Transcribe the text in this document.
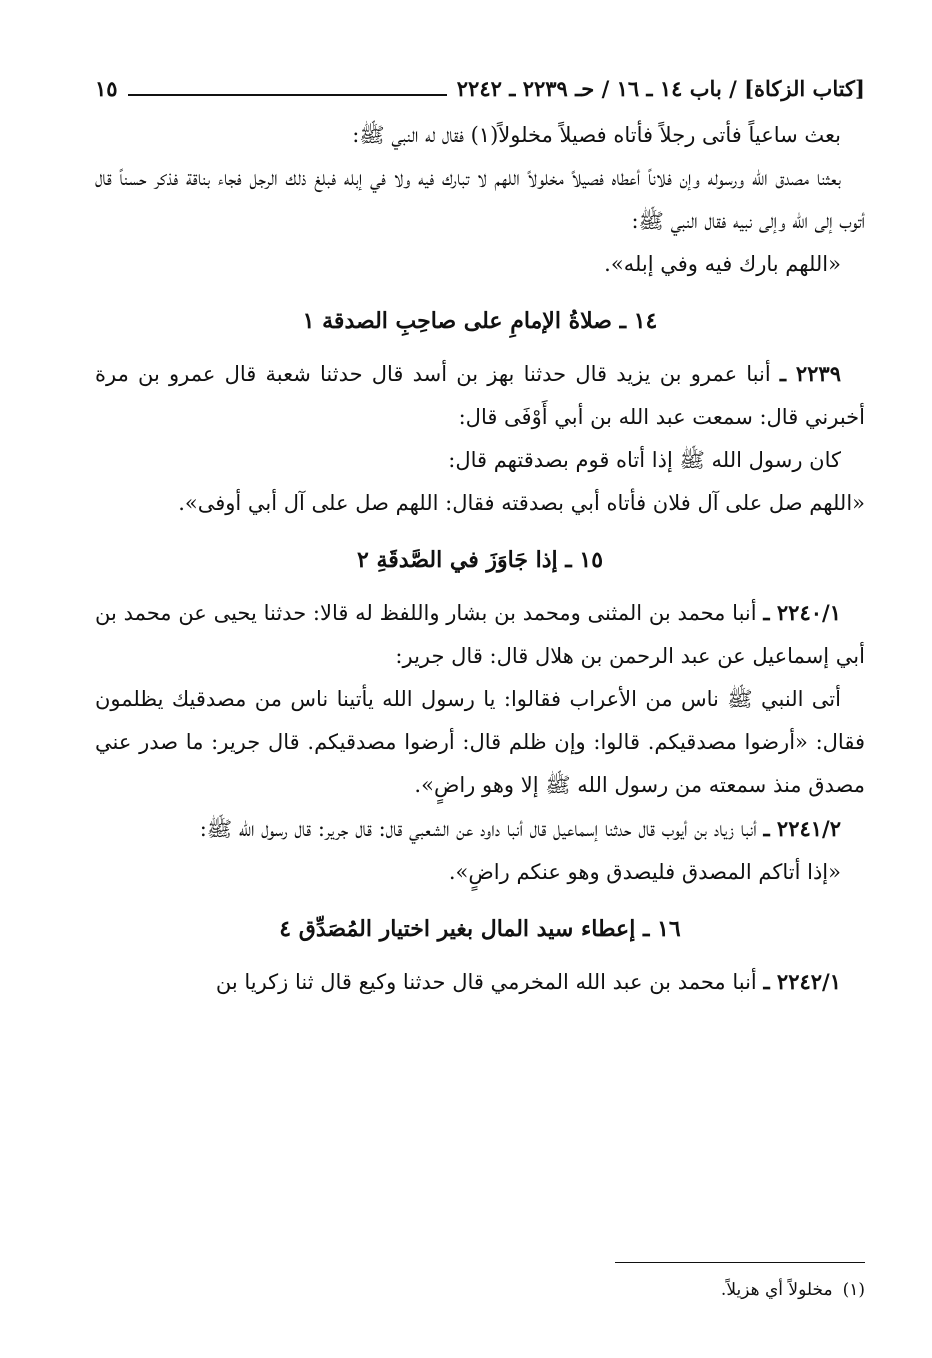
[كتاب الزكاة] / باب ١٤ ـ ١٦ / حـ ٢٢٣٩ ـ ٢٢٤٢
١٥

بعث ساعياً فأتى رجلاً فأتاه فصيلاً مخلولاً(١) فقال له النبي ﷺ:

بعثنا مصدق الله ورسوله وإن فلاناً أعطاه فصيلاً مخلولاً اللهم لا تبارك فيه ولا في إبله فبلغ ذلك الرجل فجاء بناقة فذكر حسناً قال أتوب إلى الله وإلى نبيه فقال النبي ﷺ:

«اللهم بارك فيه وفي إبله».

١٤ ـ صلاةُ الإمامِ على صاحِبِ الصدقة ١

٢٢٣٩ ـ أنبا عمرو بن يزيد قال حدثنا بهز بن أسد قال حدثنا شعبة قال عمرو بن مرة أخبرني قال: سمعت عبد الله بن أبي أَوْفَى قال:

كان رسول الله ﷺ إذا أتاه قوم بصدقتهم قال:

«اللهم صل على آل فلان فأتاه أبي بصدقته فقال: اللهم صل على آل أبي أوفى».

١٥ ـ إذا جَاوَزَ في الصَّدقَةِ ٢

٢٢٤٠/١ ـ أنبا محمد بن المثنى ومحمد بن بشار واللفظ له قالا: حدثنا يحيى عن محمد بن أبي إسماعيل عن عبد الرحمن بن هلال قال: قال جرير:

أتى النبي ﷺ ناس من الأعراب فقالوا: يا رسول الله يأتينا ناس من مصدقيك يظلمون فقال: «أرضوا مصدقيكم. قالوا: وإن ظلم قال: أرضوا مصدقيكم. قال جرير: ما صدر عني مصدق منذ سمعته من رسول الله ﷺ إلا وهو راضٍ».

٢٢٤١/٢ ـ أنبا زياد بن أيوب قال حدثنا إسماعيل قال أنبا داود عن الشعبي قال: قال جرير: قال رسول الله ﷺ:

«إذا أتاكم المصدق فليصدق وهو عنكم راضٍ».

١٦ ـ إعطاء سيد المال بغير اختيار المُصَدِّق ٤

٢٢٤٢/١ ـ أنبا محمد بن عبد الله المخرمي قال حدثنا وكيع قال ثنا زكريا بن

(١)مخلولاً أي هزيلاً.
